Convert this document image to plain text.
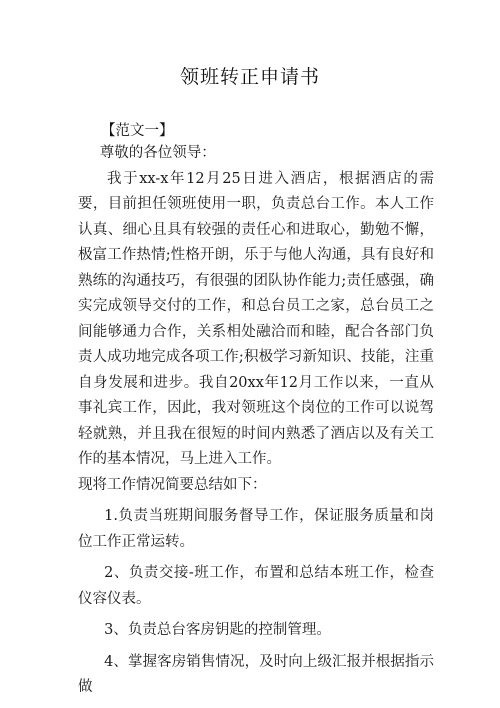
领班转正申请书
【范文一】

尊敬的各位领导：

我于xx-x年12月25日进入酒店，根据酒店的需要，目前担任领班使用一职，负责总台工作。本人工作认真、细心且具有较强的责任心和进取心，勤勉不懈，极富工作热情;性格开朗，乐于与他人沟通，具有良好和熟练的沟通技巧，有很强的团队协作能力;责任感强，确实完成领导交付的工作，和总台员工之家，总台员工之间能够通力合作，关系相处融洽而和睦，配合各部门负责人成功地完成各项工作;积极学习新知识、技能，注重自身发展和进步。我自20xx年12月工作以来，一直从事礼宾工作，因此，我对领班这个岗位的工作可以说驾轻就熟，并且我在很短的时间内熟悉了酒店以及有关工作的基本情况，马上进入工作。

现将工作情况简要总结如下：

1.负责当班期间服务督导工作，保证服务质量和岗位工作正常运转。

2、负责交接-班工作，布置和总结本班工作，检查仪容仪表。

3、负责总台客房钥匙的控制管理。

4、掌握客房销售情况，及时向上级汇报并根据指示做
